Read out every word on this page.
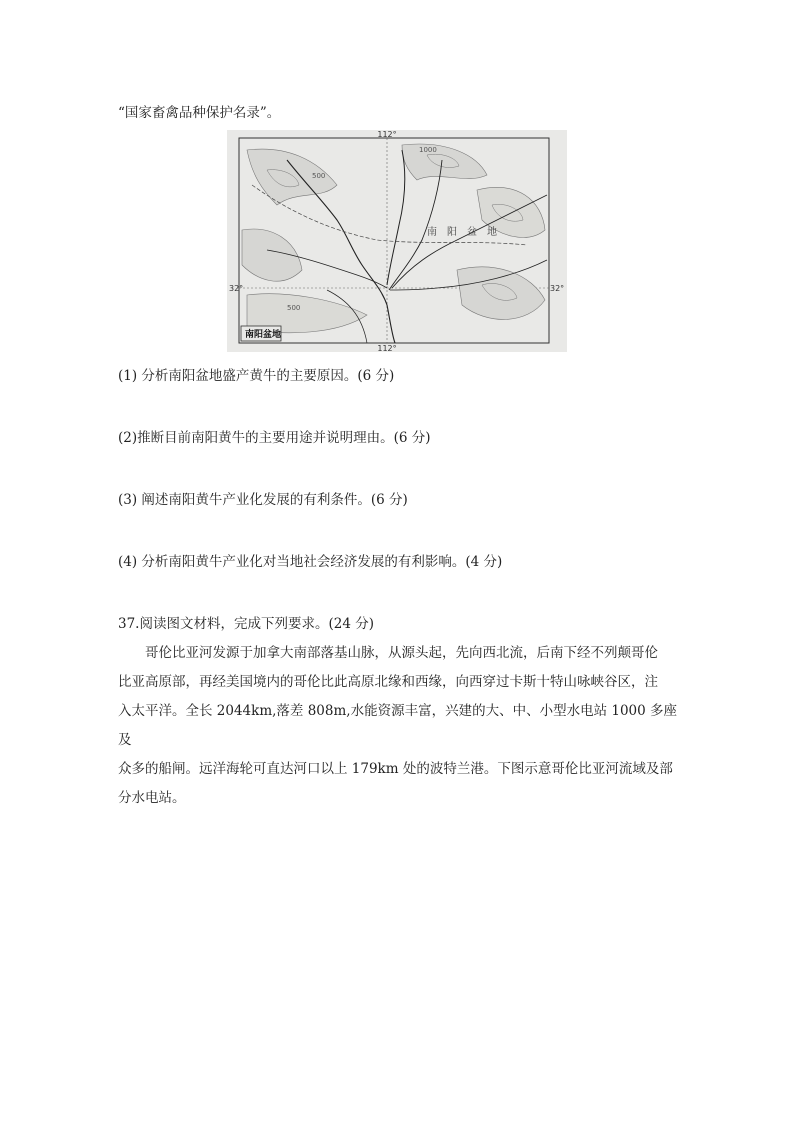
“国家畜禽品种保护名录”。
112°
112°
32°	32°
500
1000
500
南　阳　盆　地
南阳盆地
(1) 分析南阳盆地盛产黄牛的主要原因。(6 分)
(2)推断目前南阳黄牛的主要用途并说明理由。(6 分)
(3) 阐述南阳黄牛产业化发展的有利条件。(6 分)
(4) 分析南阳黄牛产业化对当地社会经济发展的有利影响。(4 分)
37.阅读图文材料，完成下列要求。(24 分)
哥伦比亚河发源于加拿大南部落基山脉，从源头起，先向西北流，后南下经不列颠哥伦
比亚高原部，再经美国境内的哥伦比此高原北缘和西缘，向西穿过卡斯十特山咏峡谷区，注
入太平洋。全长 2044km,落差 808m,水能资源丰富，兴建的大、中、小型水电站 1000 多座及
众多的船闸。远洋海轮可直达河口以上 179km 处的波特兰港。下图示意哥伦比亚河流域及部
分水电站。
